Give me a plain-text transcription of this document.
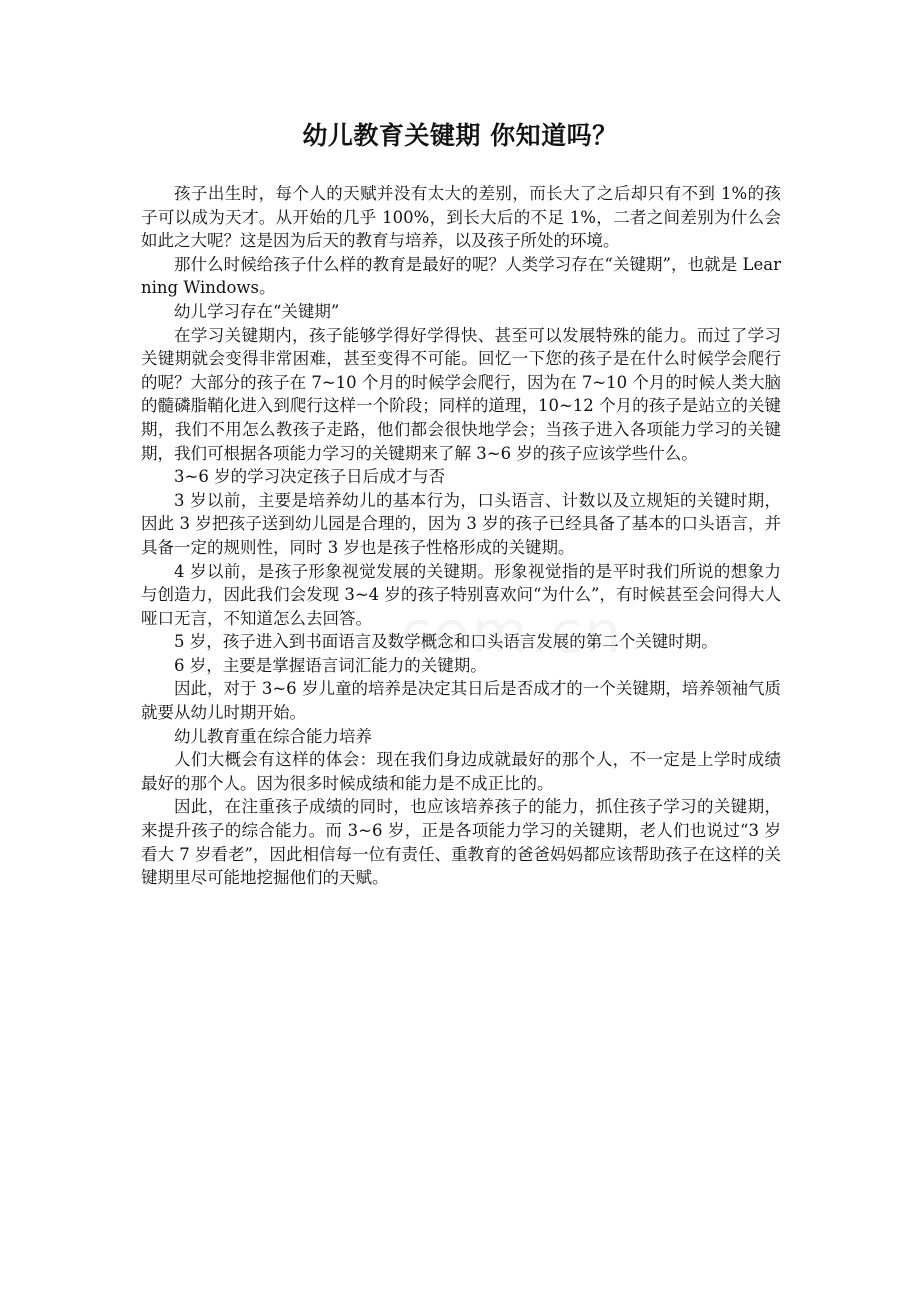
幼儿教育关键期 你知道吗？

孩子出生时，每个人的天赋并没有太大的差别，而长大了之后却只有不到 1%的孩子可以成为天才。从开始的几乎 100%，到长大后的不足 1%，二者之间差别为什么会如此之大呢？这是因为后天的教育与培养，以及孩子所处的环境。

那什么时候给孩子什么样的教育是最好的呢？人类学习存在“关键期”，也就是 Learning Windows。

幼儿学习存在“关键期”

在学习关键期内，孩子能够学得好学得快、甚至可以发展特殊的能力。而过了学习关键期就会变得非常困难，甚至变得不可能。回忆一下您的孩子是在什么时候学会爬行的呢？大部分的孩子在 7~10 个月的时候学会爬行，因为在 7~10 个月的时候人类大脑的髓磷脂鞘化进入到爬行这样一个阶段；同样的道理，10~12 个月的孩子是站立的关键期，我们不用怎么教孩子走路，他们都会很快地学会；当孩子进入各项能力学习的关键期，我们可根据各项能力学习的关键期来了解 3~6 岁的孩子应该学些什么。

3~6 岁的学习决定孩子日后成才与否

3 岁以前，主要是培养幼儿的基本行为，口头语言、计数以及立规矩的关键时期，因此 3 岁把孩子送到幼儿园是合理的，因为 3 岁的孩子已经具备了基本的口头语言，并具备一定的规则性，同时 3 岁也是孩子性格形成的关键期。

4 岁以前，是孩子形象视觉发展的关键期。形象视觉指的是平时我们所说的想象力与创造力，因此我们会发现 3~4 岁的孩子特别喜欢问“为什么”，有时候甚至会问得大人哑口无言，不知道怎么去回答。

5 岁，孩子进入到书面语言及数学概念和口头语言发展的第二个关键时期。

6 岁，主要是掌握语言词汇能力的关键期。

因此，对于 3~6 岁儿童的培养是决定其日后是否成才的一个关键期，培养领袖气质就要从幼儿时期开始。

幼儿教育重在综合能力培养

人们大概会有这样的体会：现在我们身边成就最好的那个人，不一定是上学时成绩最好的那个人。因为很多时候成绩和能力是不成正比的。

因此，在注重孩子成绩的同时，也应该培养孩子的能力，抓住孩子学习的关键期，来提升孩子的综合能力。而 3~6 岁，正是各项能力学习的关键期，老人们也说过“3 岁看大 7 岁看老”，因此相信每一位有责任、重教育的爸爸妈妈都应该帮助孩子在这样的关键期里尽可能地挖掘他们的天赋。
